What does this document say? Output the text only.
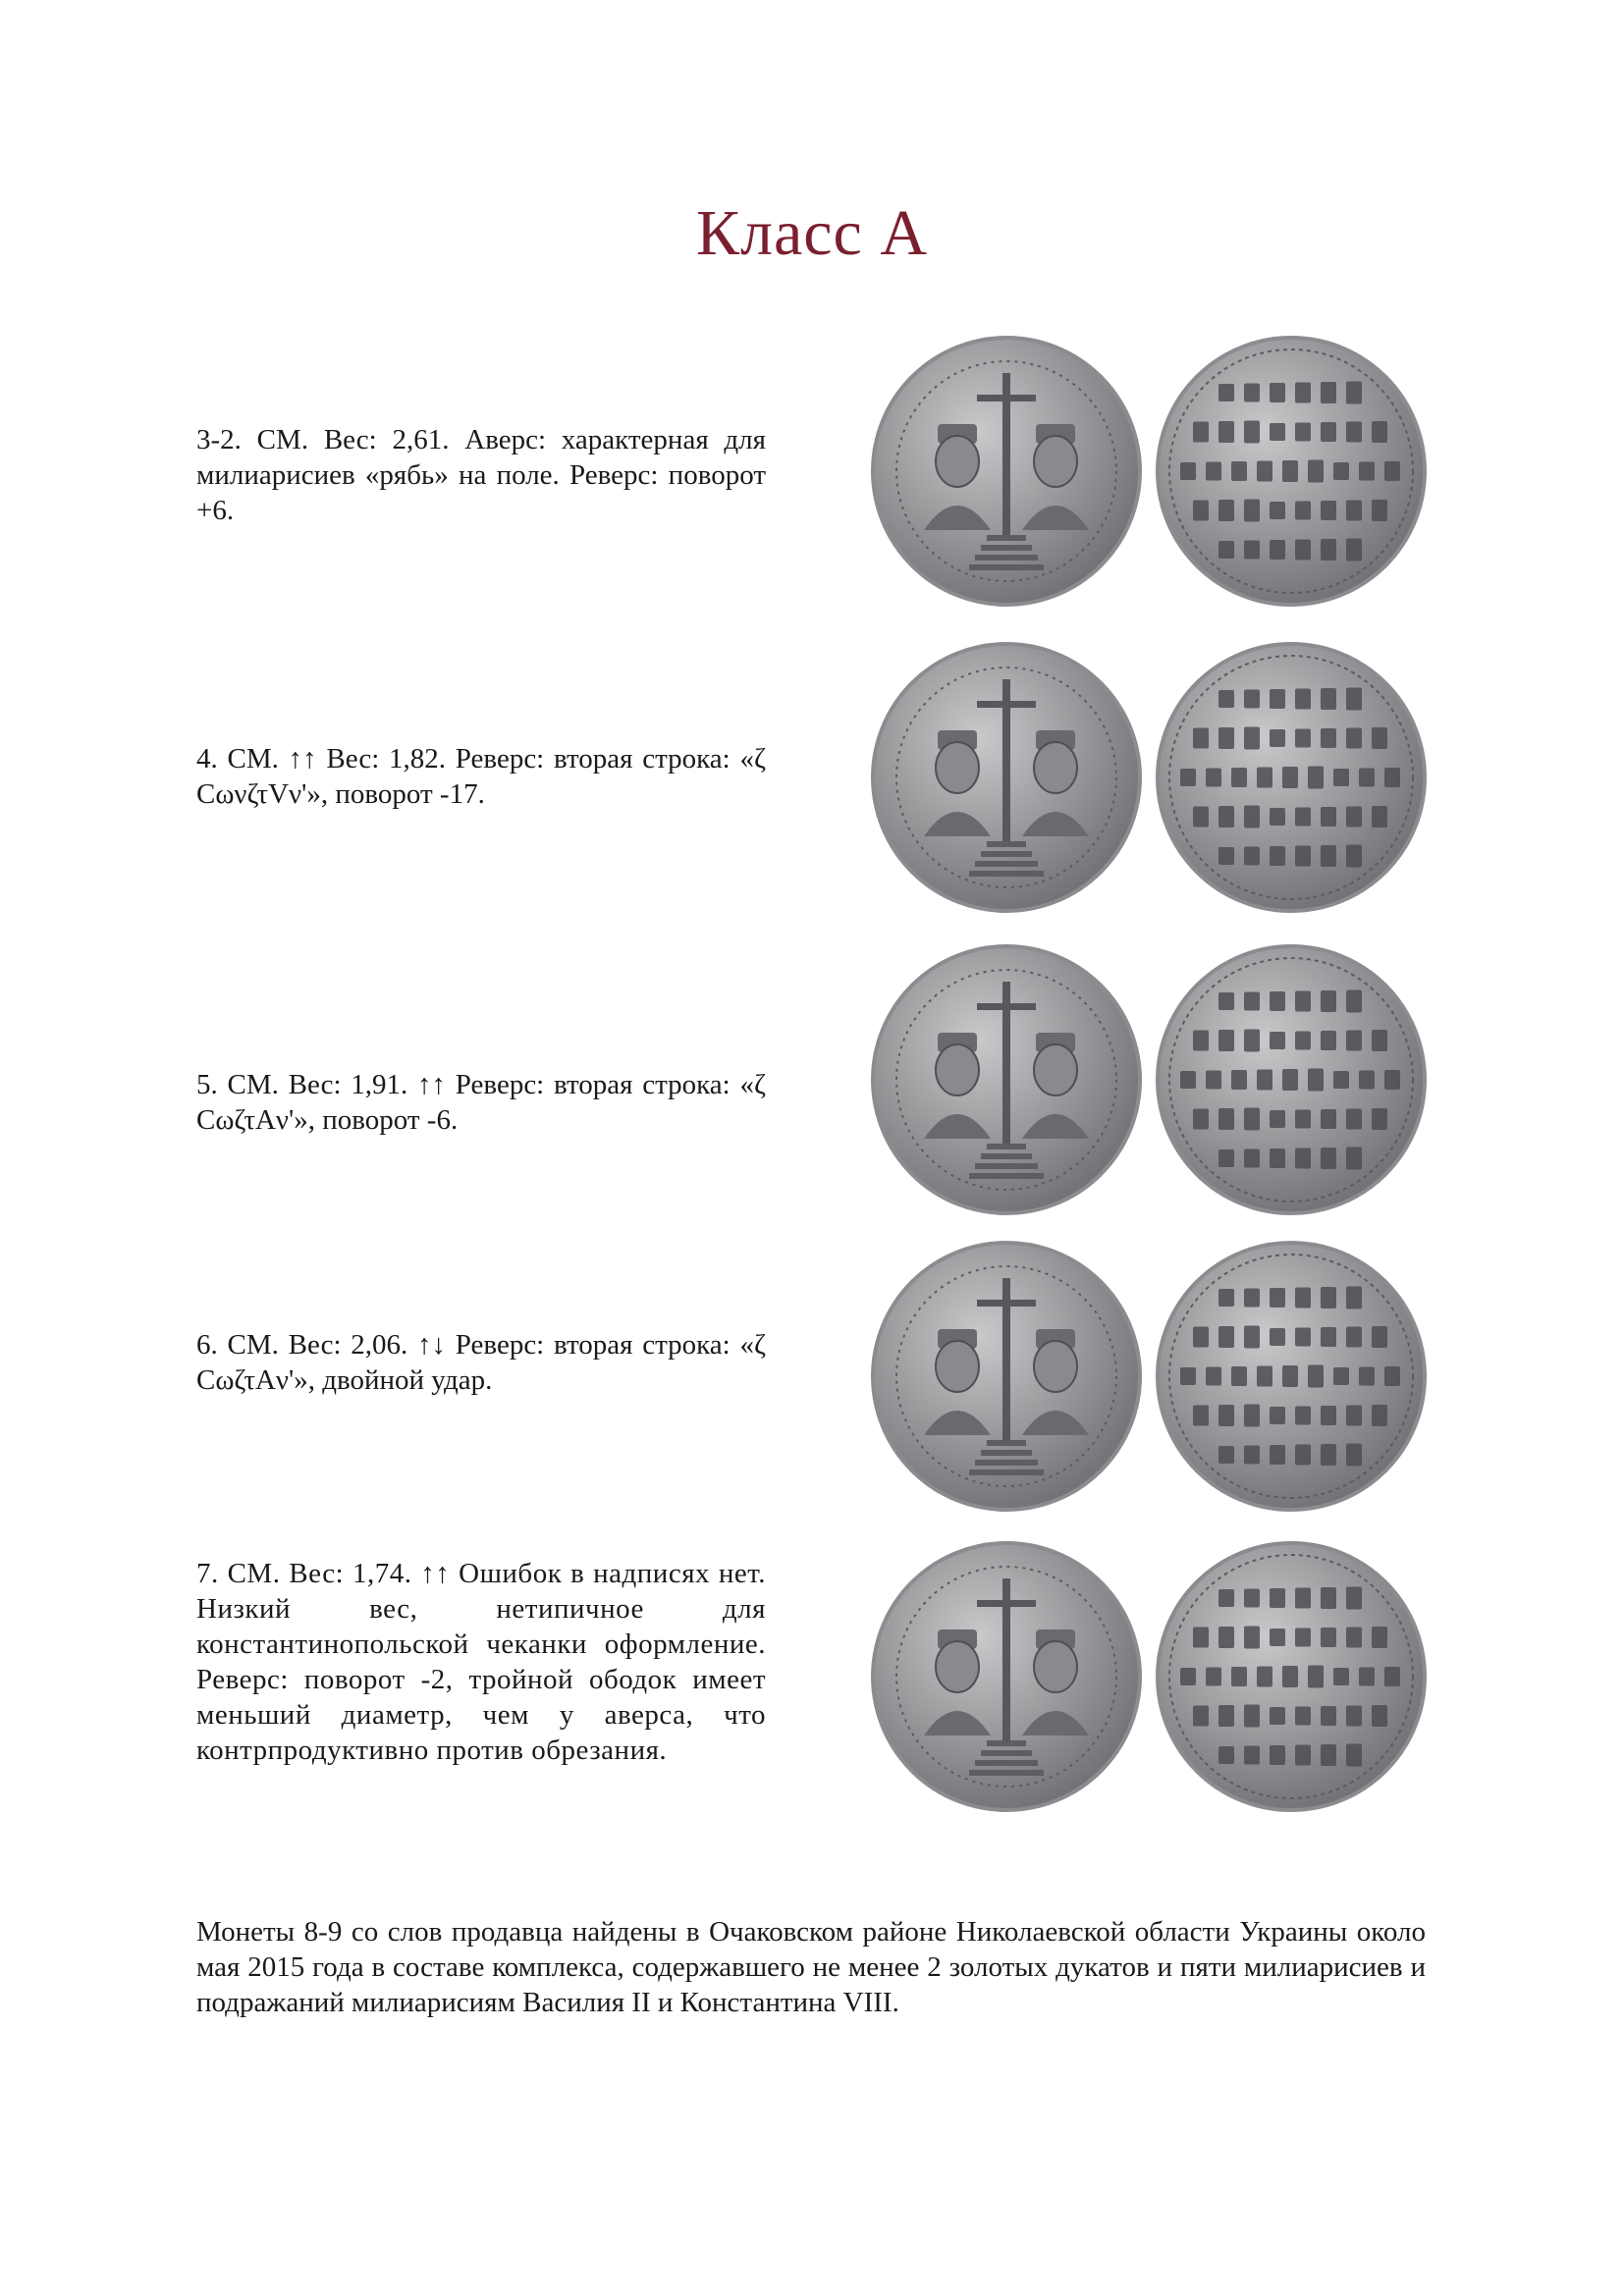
Класс А
3-2. СМ. Вес: 2,61. Аверс: характерная для милиарисиев «рябь» на поле. Реверс: поворот +6.
4. СМ. ↑↑ Вес: 1,82. Реверс: вторая строка: «ζ CωνζτVν'», поворот -17.
5. СМ. Вес: 1,91. ↑↑ Реверс: вторая строка: «ζ CωζτAν'», поворот -6.
6. СМ. Вес: 2,06. ↑↓ Реверс: вторая строка: «ζ CωζτAν'», двойной удар.
7. СМ. Вес: 1,74. ↑↑ Ошибок в надписях нет. Низкий вес, нетипичное для константинопольской чеканки оформление. Реверс: поворот -2, тройной ободок имеет меньший диаметр, чем у аверса, что контрпродуктивно против обрезания.
Монеты 8-9 со слов продавца найдены в Очаковском районе Николаевской области Украины около мая 2015 года в составе комплекса, содержавшего не менее 2 золотых дукатов и пяти милиарисиев и подражаний милиарисиям Василия II и Константина VIII.
